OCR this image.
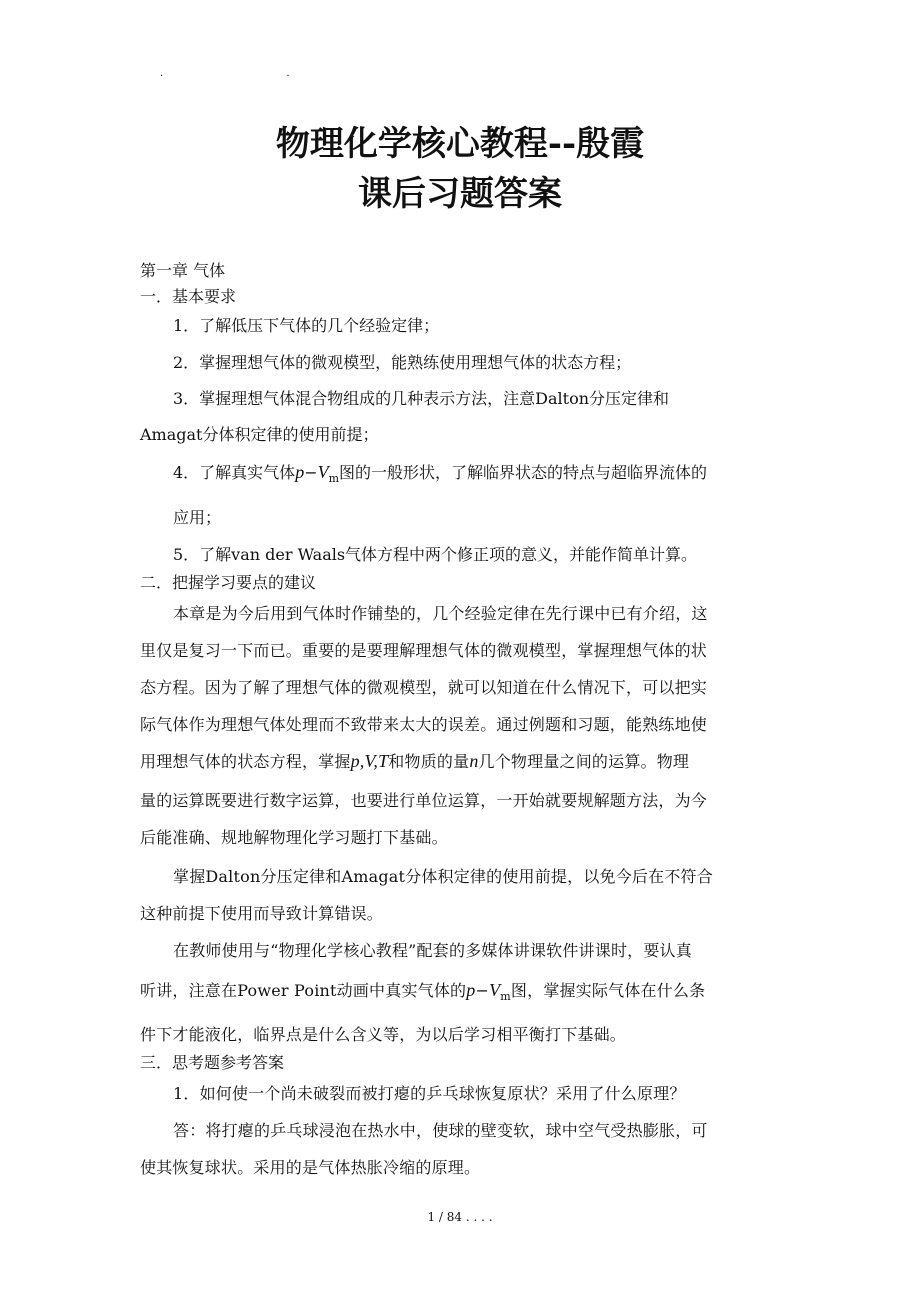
. .
物理化学核心教程--殷霞
课后习题答案
第一章 气体
一．基本要求
1．了解低压下气体的几个经验定律；
2．掌握理想气体的微观模型，能熟练使用理想气体的状态方程；
3．掌握理想气体混合物组成的几种表示方法，注意Dalton分压定律和
Amagat分体积定律的使用前提；
4．了解真实气体$p-V_m$图的一般形状，了解临界状态的特点与超临界流体的
应用；
5．了解van der Waals气体方程中两个修正项的意义，并能作简单计算。
二．把握学习要点的建议
本章是为今后用到气体时作铺垫的，几个经验定律在先行课中已有介绍，这
里仅是复习一下而已。重要的是要理解理想气体的微观模型，掌握理想气体的状
态方程。因为了解了理想气体的微观模型，就可以知道在什么情况下，可以把实
际气体作为理想气体处理而不致带来太大的误差。通过例题和习题，能熟练地使
用理想气体的状态方程，掌握p,V,T和物质的量n几个物理量之间的运算。物理
量的运算既要进行数字运算，也要进行单位运算，一开始就要规解题方法，为今
后能准确、规地解物理化学习题打下基础。
掌握Dalton分压定律和Amagat分体积定律的使用前提，以免今后在不符合
这种前提下使用而导致计算错误。
在教师使用与“物理化学核心教程”配套的多媒体讲课软件讲课时，要认真
听讲，注意在Power Point动画中真实气体的$p-V_m$图，掌握实际气体在什么条
件下才能液化，临界点是什么含义等，为以后学习相平衡打下基础。
三．思考题参考答案
1．如何使一个尚未破裂而被打瘪的乒乓球恢复原状？采用了什么原理？
答：将打瘪的乒乓球浸泡在热水中，使球的壁变软，球中空气受热膨胀，可
使其恢复球状。采用的是气体热胀冷缩的原理。
1 / 84 . . . .
